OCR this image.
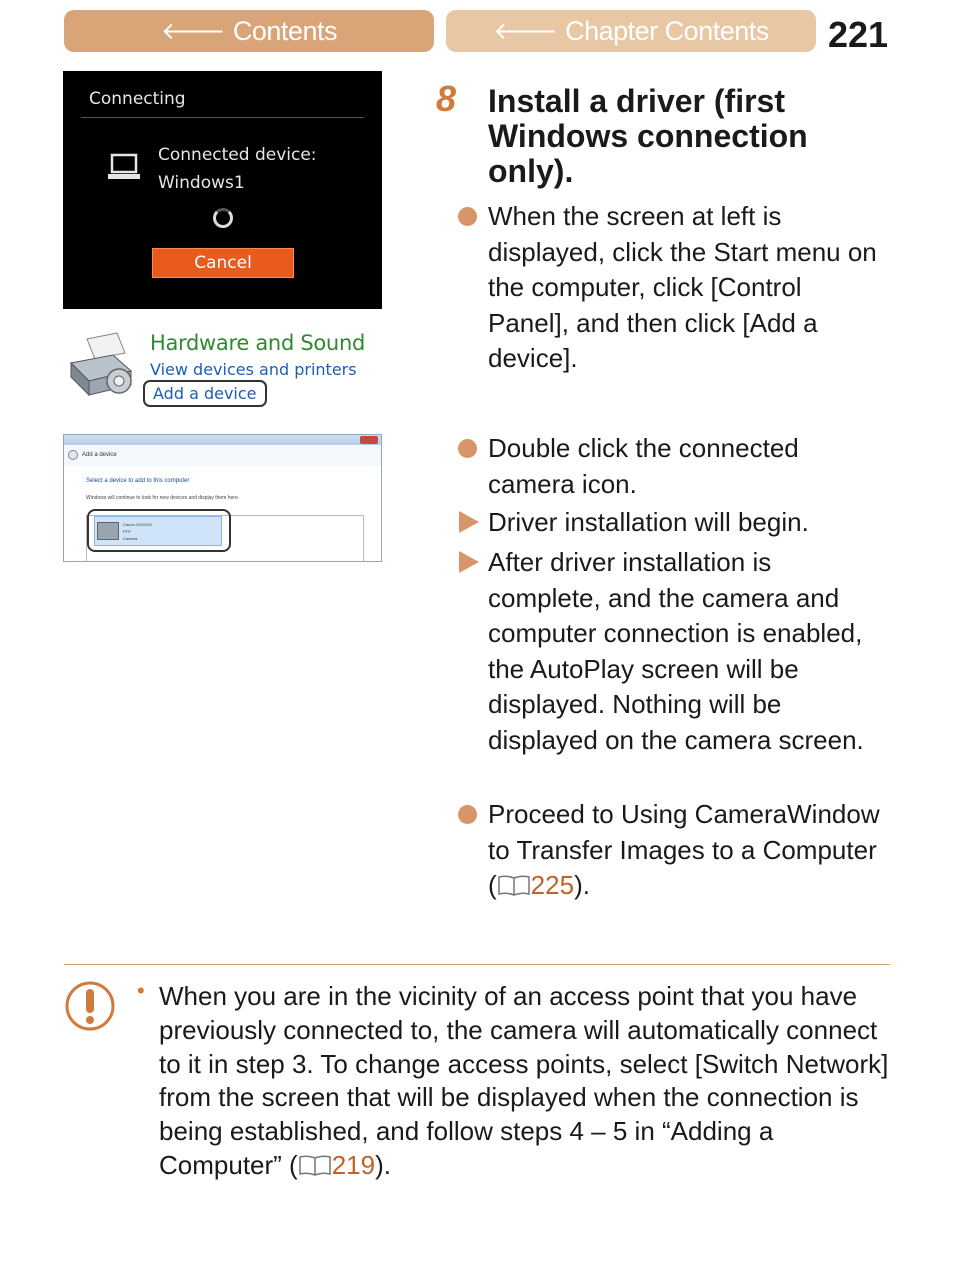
🡐 Contents	🡐 Chapter Contents 221
Connecting
Connected device:
Windows1
Cancel
Hardware and Sound
View devices and printers
Add a device
Add a device
Select a device to add to this computer
Windows will continue to look for new devices and display them here.
Canon XXXXXX
PTP
Camera
8 Install a driver (first Windows connection only).
When the screen at left is displayed, click the Start menu on the computer, click [Control Panel], and then click [Add a device].
Double click the connected camera icon.
Driver installation will begin.
After driver installation is complete, and the camera and computer connection is enabled, the AutoPlay screen will be displayed. Nothing will be displayed on the camera screen.
Proceed to Using CameraWindow to Transfer Images to a Computer ( 225).
• When you are in the vicinity of an access point that you have previously connected to, the camera will automatically connect to it in step 3. To change access points, select [Switch Network] from the screen that will be displayed when the connection is being established, and follow steps 4 – 5 in “Adding a Computer” ( 219).
